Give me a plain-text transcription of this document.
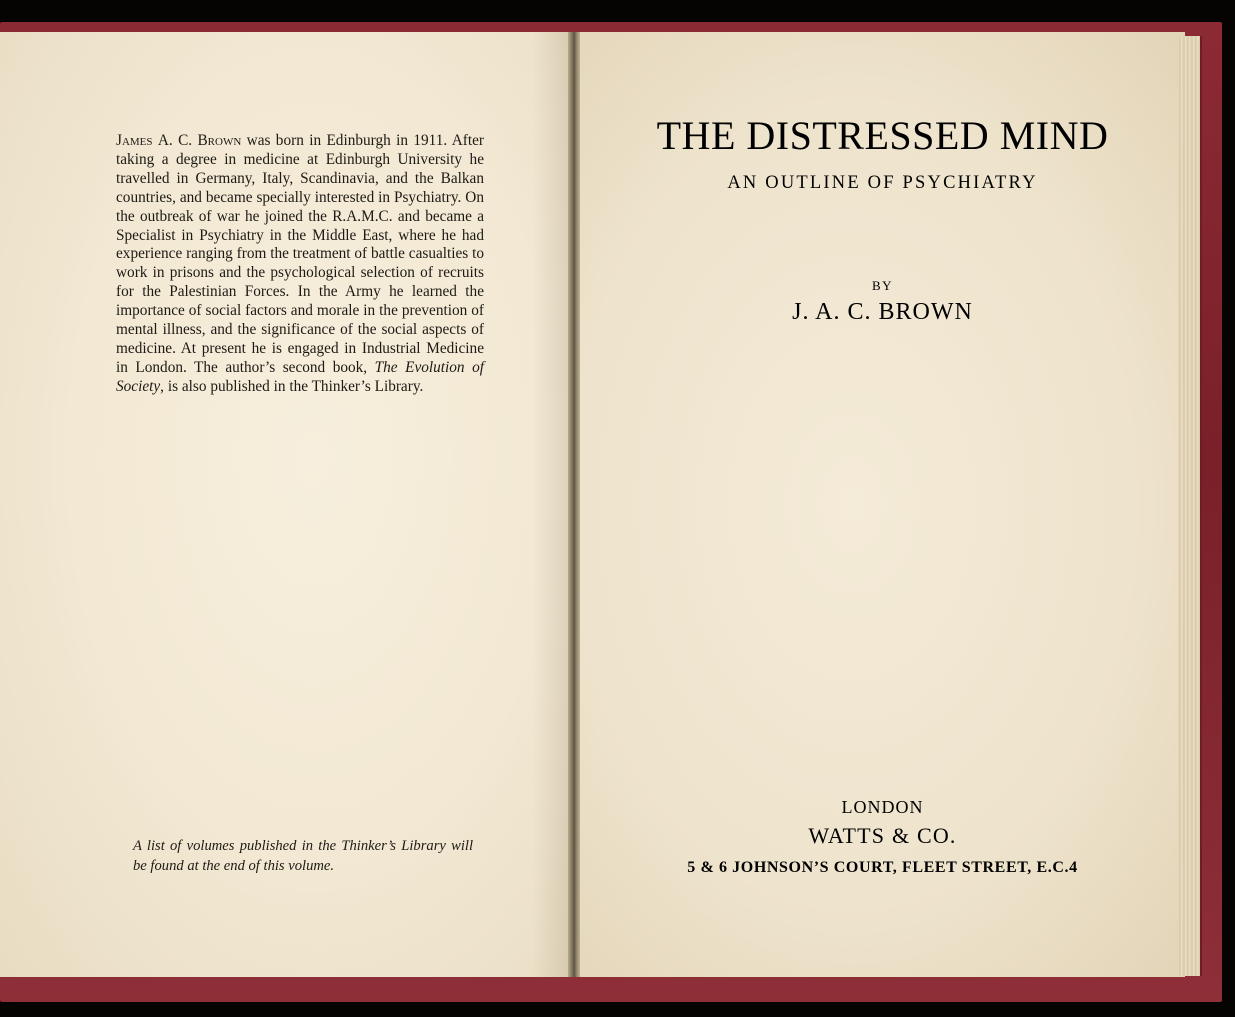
James A. C. Brown was born in Edinburgh in 1911. After taking a degree in medicine at Edinburgh University he travelled in Germany, Italy, Scandinavia, and the Balkan countries, and became specially interested in Psychiatry. On the outbreak of war he joined the R.A.M.C. and became a Specialist in Psychiatry in the Middle East, where he had experience ranging from the treatment of battle casualties to work in prisons and the psychological selection of recruits for the Palestinian Forces. In the Army he learned the importance of social factors and morale in the prevention of mental illness, and the significance of the social aspects of medicine. At present he is engaged in Industrial Medicine in London. The author’s second book, The Evolution of Society, is also published in the Thinker’s Library.

A list of volumes published in the Thinker’s Library will be found at the end of this volume.

THE DISTRESSED MIND
AN OUTLINE OF PSYCHIATRY
BY
J. A. C. BROWN
LONDON
WATTS & CO.
5 & 6 JOHNSON’S COURT, FLEET STREET, E.C.4
